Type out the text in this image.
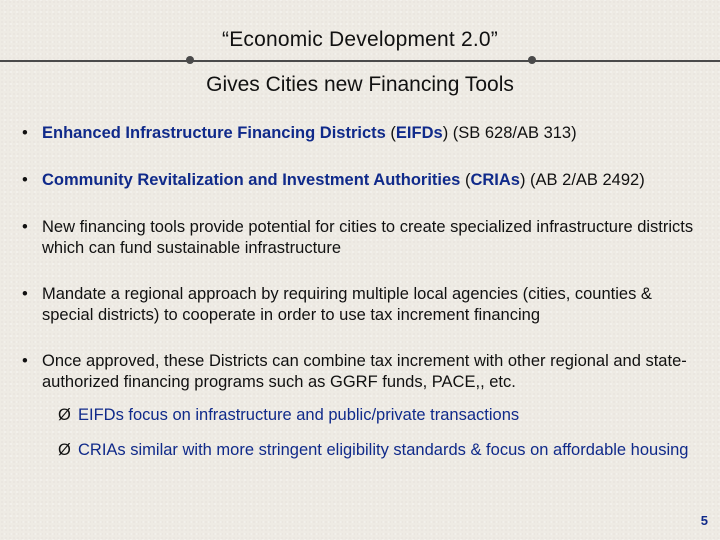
“Economic Development 2.0”
Gives Cities new Financing Tools
• Enhanced Infrastructure Financing Districts (EIFDs) (SB 628/AB 313)
• Community Revitalization and Investment Authorities (CRIAs) (AB 2/AB 2492)
• New financing tools provide potential for cities to create specialized infrastructure districts which can fund sustainable infrastructure
• Mandate a regional approach by requiring multiple local agencies (cities, counties & special districts) to cooperate in order to use tax increment financing
• Once approved, these Districts can combine tax increment with other regional and state-authorized financing programs such as GGRF funds, PACE,, etc.
Ø EIFDs focus on infrastructure and public/private transactions
Ø CRIAs similar with more stringent eligibility standards & focus on affordable housing
5
